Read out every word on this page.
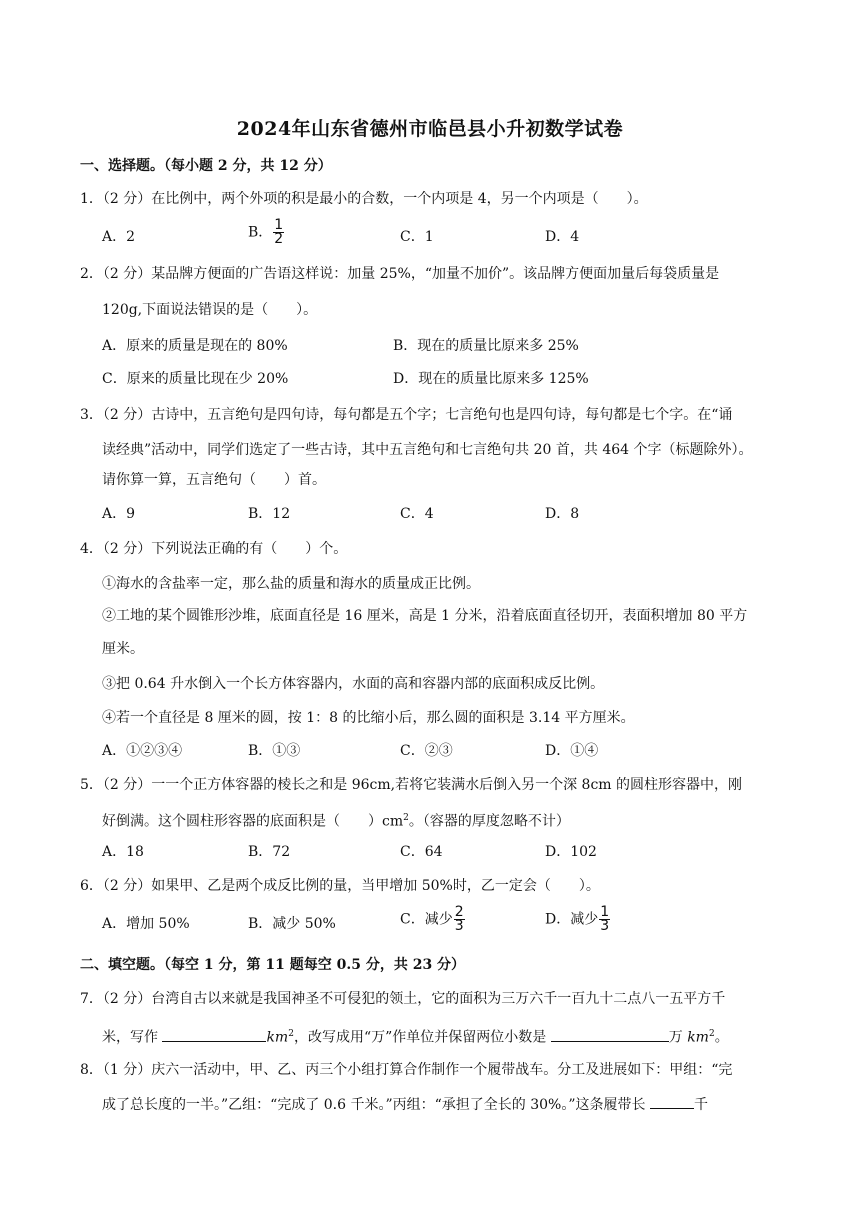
2024年山东省德州市临邑县小升初数学试卷
一、选择题。（每小题 2 分，共 12 分）
1．（2 分）在比例中，两个外项的积是最小的合数，一个内项是 4，另一个内项是（　　）。
A．2	B． $\frac{1}{2}$	C．1	D．4
2．（2 分）某品牌方便面的广告语这样说：加量 25%，“加量不加价”。该品牌方便面加量后每袋质量是
120g,下面说法错误的是（　　）。
A．原来的质量是现在的 80%	B．现在的质量比原来多 25%
C．原来的质量比现在少 20%	D．现在的质量比原来多 125%
3．（2 分）古诗中，五言绝句是四句诗，每句都是五个字；七言绝句也是四句诗，每句都是七个字。在“诵
读经典”活动中，同学们选定了一些古诗，其中五言绝句和七言绝句共 20 首，共 464 个字（标题除外）。
请你算一算，五言绝句（　　）首。
A．9	B．12	C．4	D．8
4．（2 分）下列说法正确的有（　　）个。
①海水的含盐率一定，那么盐的质量和海水的质量成正比例。
②工地的某个圆锥形沙堆，底面直径是 16 厘米，高是 1 分米，沿着底面直径切开，表面积增加 80 平方
厘米。
③把 0.64 升水倒入一个长方体容器内，水面的高和容器内部的底面积成反比例。
④若一个直径是 8 厘米的圆，按 1：8 的比缩小后，那么圆的面积是 3.14 平方厘米。
A．①②③④	B．①③	C．②③	D．①④
5．（2 分）一一个正方体容器的棱长之和是 96cm,若将它装满水后倒入另一个深 8cm 的圆柱形容器中，刚
好倒满。这个圆柱形容器的底面积是（　　）$cm^2$。（容器的厚度忽略不计）
A．18	B．72	C．64	D．102
6．（2 分）如果甲、乙是两个成反比例的量，当甲增加 50%时，乙一定会（　　）。
A．增加 50%	B．减少 50%	C．减少 $\frac{2}{3}$	D．减少 $\frac{1}{3}$
二、填空题。（每空 1 分，第 11 题每空 0.5 分，共 23 分）
7．（2 分）台湾自古以来就是我国神圣不可侵犯的领土，它的面积为三万六千一百九十二点八一五平方千
米，写作	$km^2$，改写成用“万”作单位并保留两位小数是	万 $km^2$。
8．（1 分）庆六一活动中，甲、乙、丙三个小组打算合作制作一个履带战车。分工及进展如下：甲组：“完
成了总长度的一半。”乙组：“完成了 0.6 千米。”丙组：“承担了全长的 30%。”这条履带长	千
